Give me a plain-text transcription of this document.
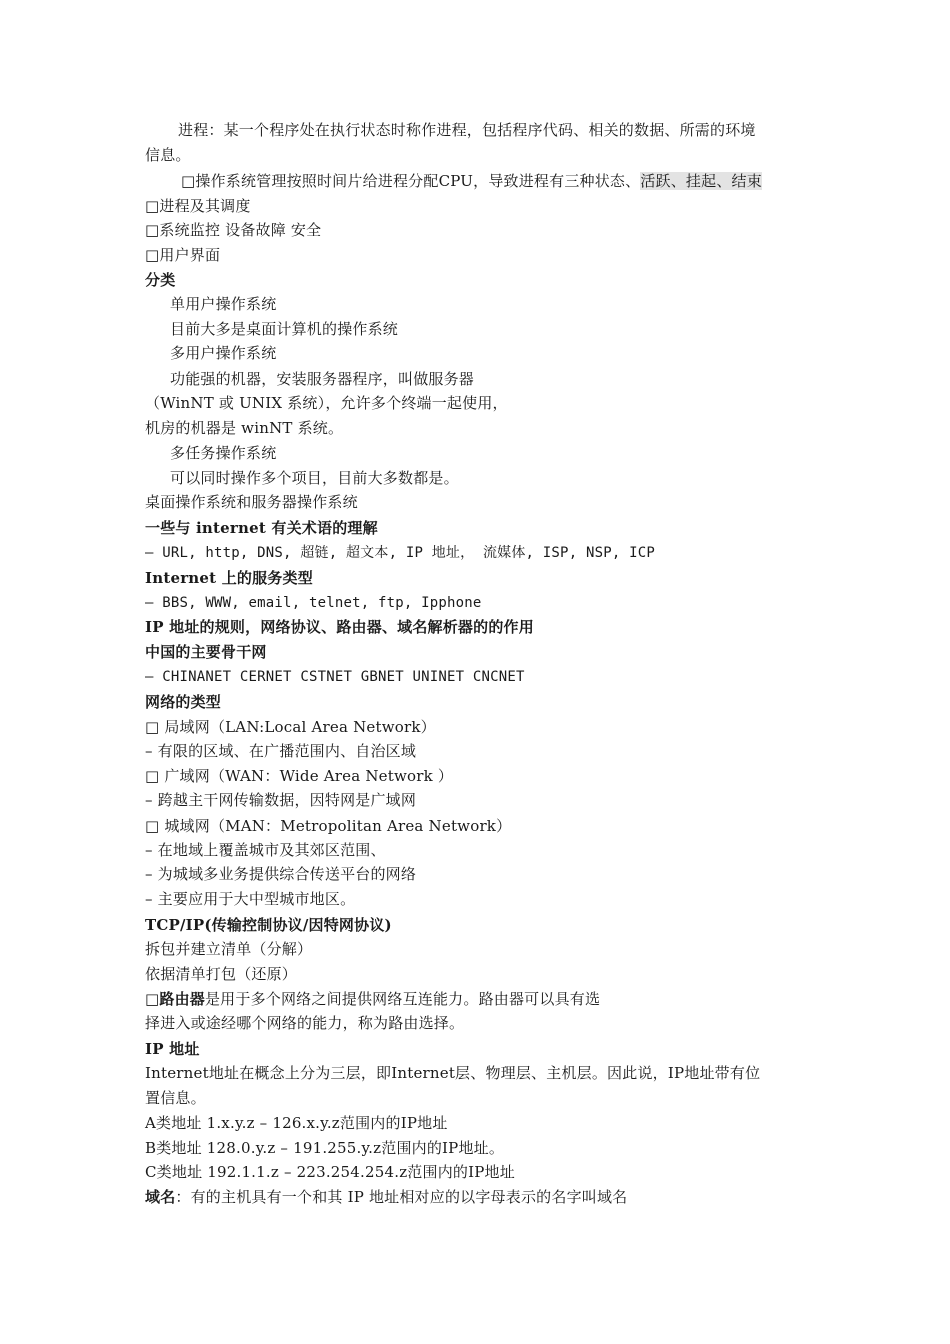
进程：某一个程序处在执行状态时称作进程，包括程序代码、相关的数据、所需的环境
信息。
□操作系统管理按照时间片给进程分配CPU，导致进程有三种状态、活跃、挂起、结束
□进程及其调度
□系统监控 设备故障 安全
□用户界面
分类
单用户操作系统
目前大多是桌面计算机的操作系统
多用户操作系统
功能强的机器，安装服务器程序，叫做服务器
（WinNT 或 UNIX 系统），允许多个终端一起使用，
机房的机器是 winNT 系统。
多任务操作系统
可以同时操作多个项目，目前大多数都是。
桌面操作系统和服务器操作系统
一些与 internet 有关术语的理解
– URL, http, DNS, 超链, 超文本, IP 地址， 流媒体, ISP, NSP, ICP
Internet 上的服务类型
– BBS, WWW, email, telnet, ftp, Ipphone
IP 地址的规则，网络协议、路由器、域名解析器的的作用
中国的主要骨干网
– CHINANET CERNET CSTNET GBNET UNINET CNCNET
网络的类型
□ 局域网（LAN:Local Area Network）
– 有限的区域、在广播范围内、自治区域
□ 广域网（WAN：Wide Area Network ）
– 跨越主干网传输数据，因特网是广域网
□ 城域网（MAN：Metropolitan Area Network）
– 在地域上覆盖城市及其郊区范围、
– 为城域多业务提供综合传送平台的网络
– 主要应用于大中型城市地区。
TCP/IP(传输控制协议/因特网协议)
拆包并建立清单（分解）
依据清单打包（还原）
□路由器是用于多个网络之间提供网络互连能力。路由器可以具有选
择进入或途经哪个网络的能力，称为路由选择。
IP 地址
Internet地址在概念上分为三层，即Internet层、物理层、主机层。因此说，IP地址带有位
置信息。
A类地址 1.x.y.z – 126.x.y.z范围内的IP地址
B类地址 128.0.y.z – 191.255.y.z范围内的IP地址。
C类地址 192.1.1.z – 223.254.254.z范围内的IP地址
域名：有的主机具有一个和其 IP 地址相对应的以字母表示的名字叫域名
